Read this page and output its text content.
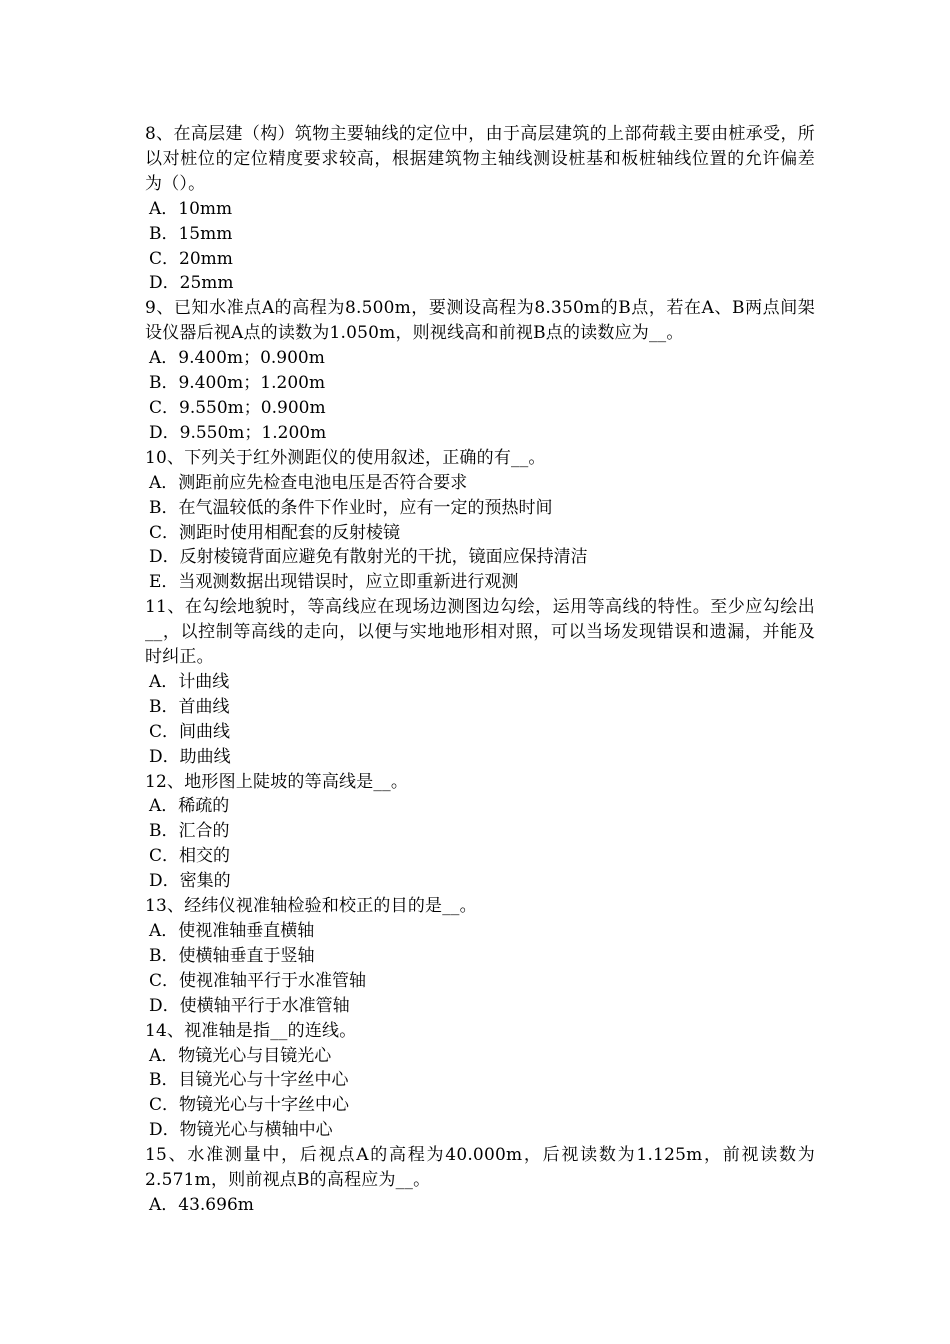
8、在高层建（构）筑物主要轴线的定位中，由于高层建筑的上部荷载主要由桩承受，所以对桩位的定位精度要求较高，根据建筑物主轴线测设桩基和板桩轴线位置的允许偏差为（）。

A．10mm

B．15mm

C．20mm

D．25mm

9、已知水准点A的高程为8.500m，要测设高程为8.350m的B点，若在A、B两点间架设仪器后视A点的读数为1.050m，则视线高和前视B点的读数应为__。

A．9.400m；0.900m

B．9.400m；1.200m

C．9.550m；0.900m

D．9.550m；1.200m

10、下列关于红外测距仪的使用叙述，正确的有__。

A．测距前应先检查电池电压是否符合要求

B．在气温较低的条件下作业时，应有一定的预热时间

C．测距时使用相配套的反射棱镜

D．反射棱镜背面应避免有散射光的干扰，镜面应保持清洁

E．当观测数据出现错误时，应立即重新进行观测

11、在勾绘地貌时，等高线应在现场边测图边勾绘，运用等高线的特性。至少应勾绘出__，以控制等高线的走向，以便与实地地形相对照，可以当场发现错误和遗漏，并能及时纠正。

A．计曲线

B．首曲线

C．间曲线

D．助曲线

12、地形图上陡坡的等高线是__。

A．稀疏的

B．汇合的

C．相交的

D．密集的

13、经纬仪视准轴检验和校正的目的是__。

A．使视准轴垂直横轴

B．使横轴垂直于竖轴

C．使视准轴平行于水准管轴

D．使横轴平行于水准管轴

14、视准轴是指__的连线。

A．物镜光心与目镜光心

B．目镜光心与十字丝中心

C．物镜光心与十字丝中心

D．物镜光心与横轴中心

15、水准测量中，后视点A的高程为40.000m，后视读数为1.125m，前视读数为2.571m，则前视点B的高程应为__。

A．43.696m
